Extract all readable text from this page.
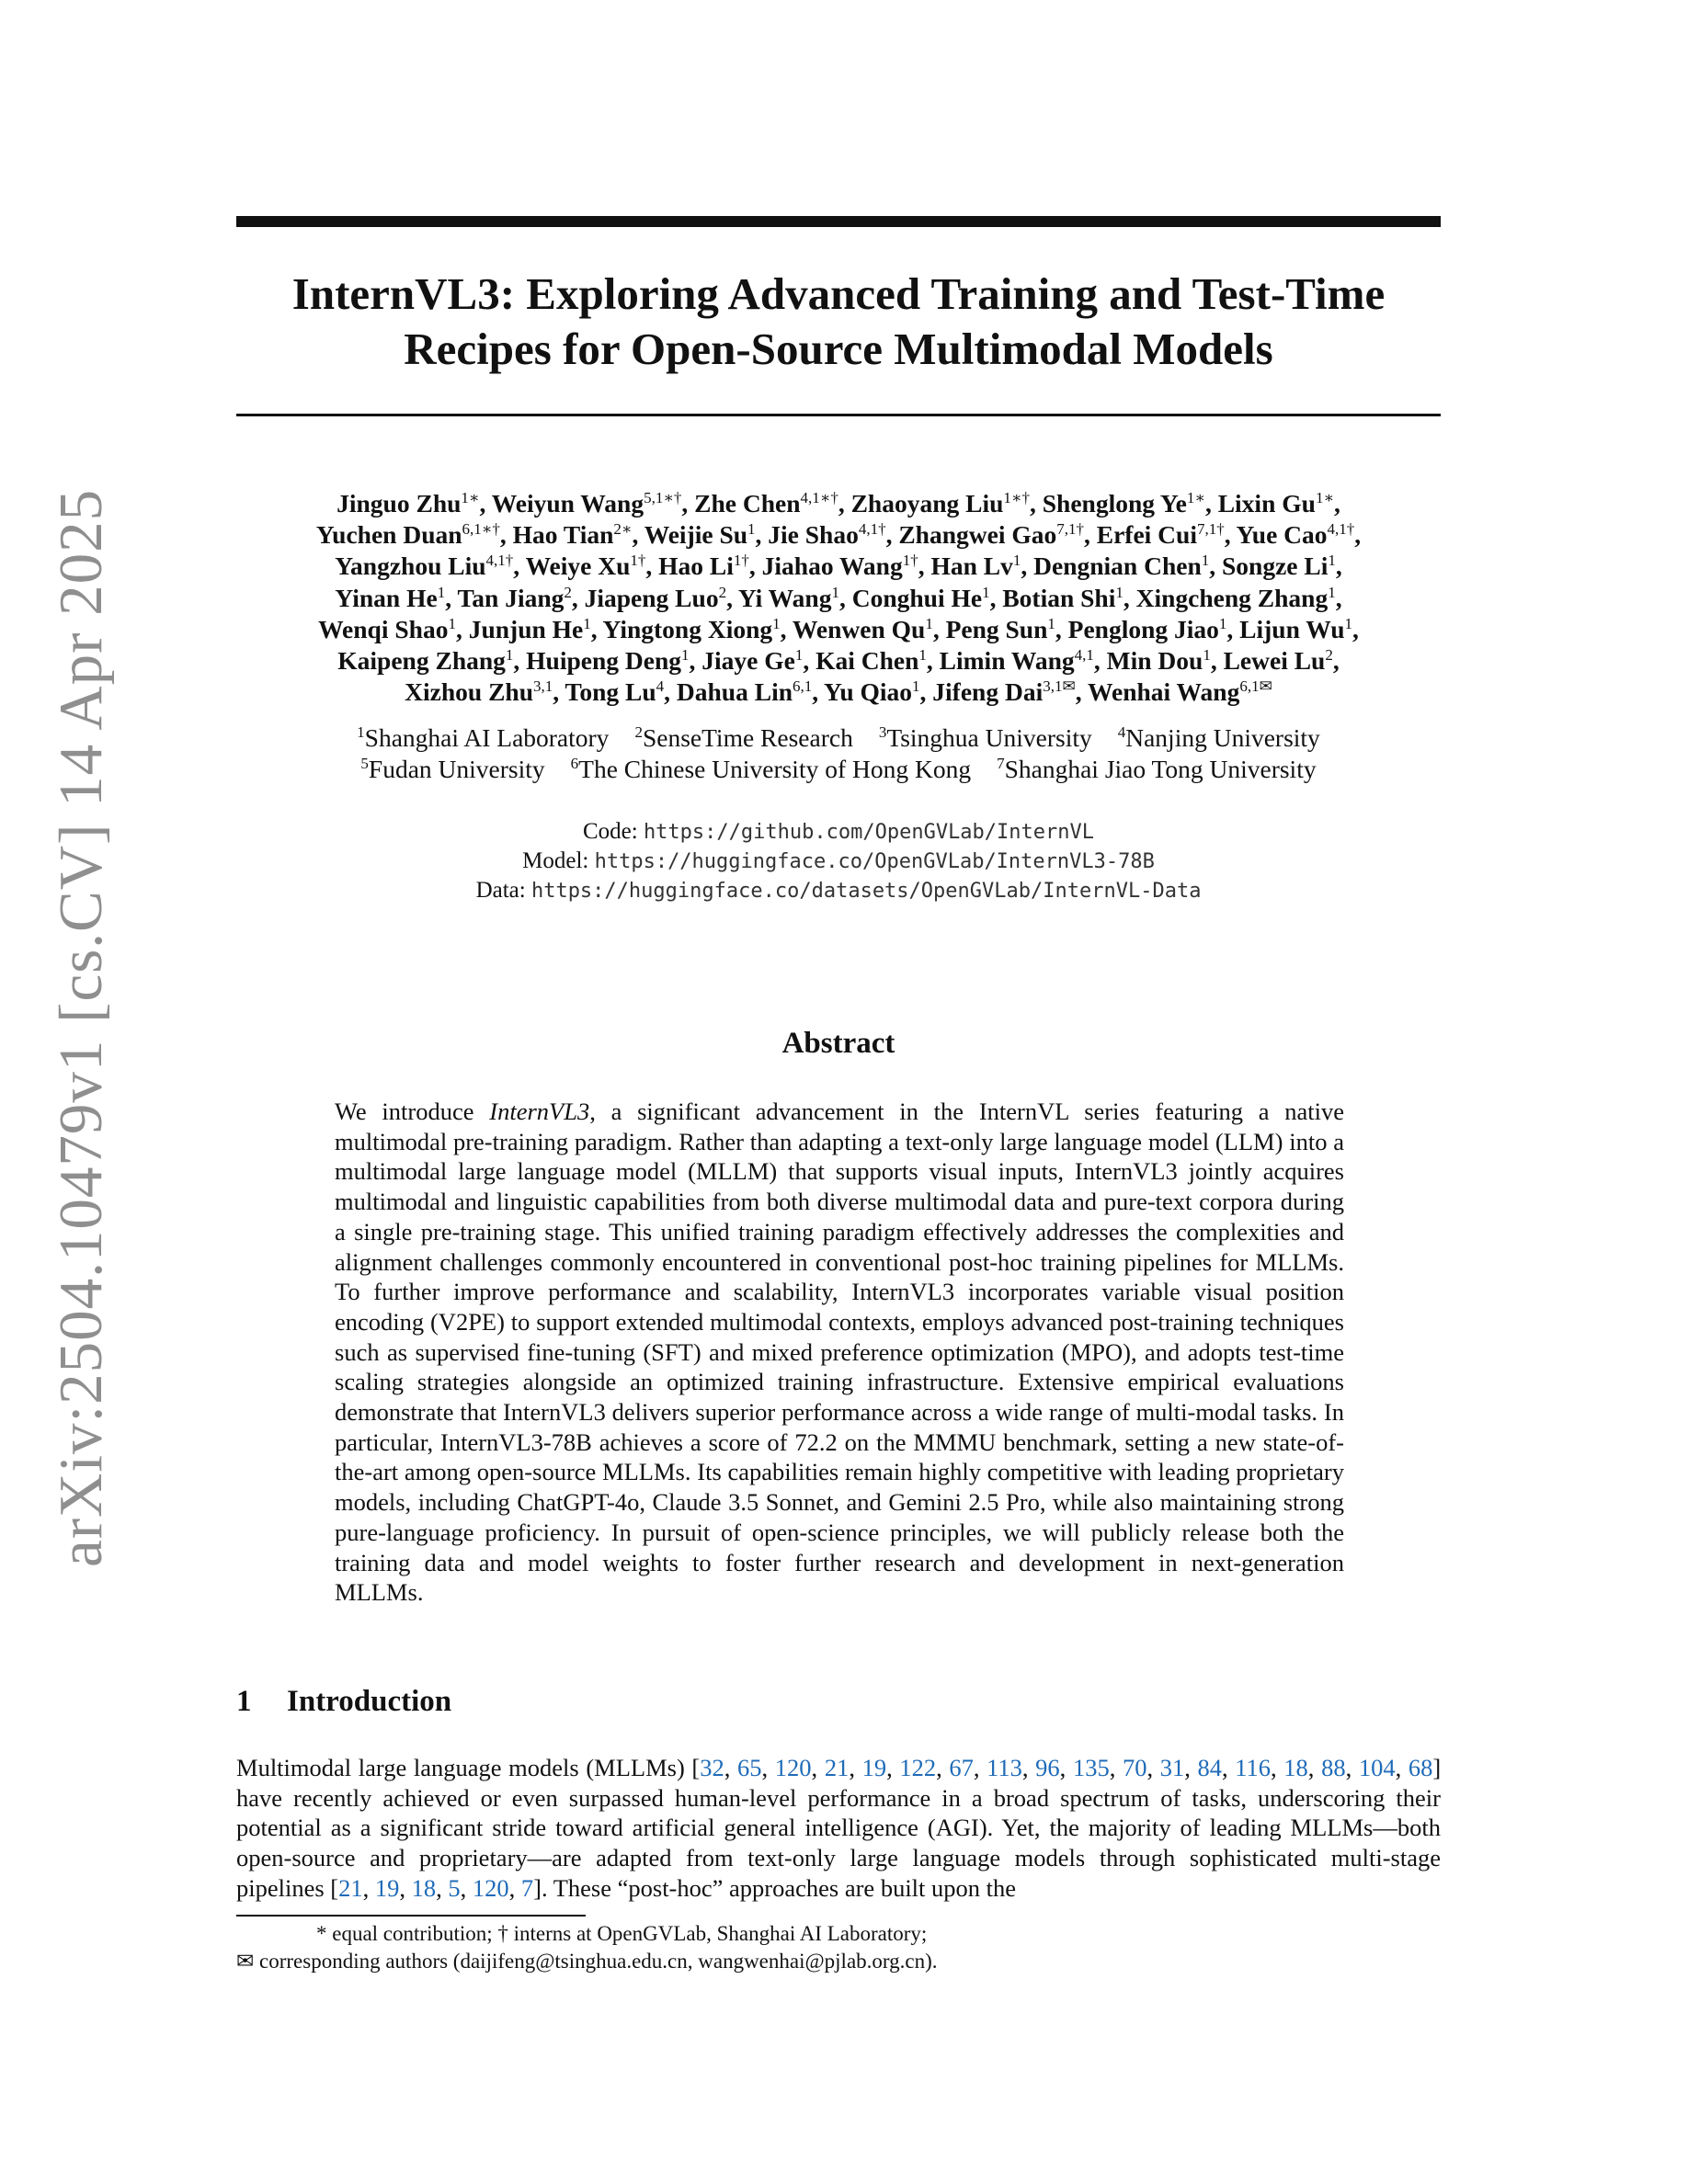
arXiv:2504.10479v1 [cs.CV] 14 Apr 2025
InternVL3: Exploring Advanced Training and Test-Time
Recipes for Open-Source Multimodal Models
Jinguo Zhu$^{1∗}$, Weiyun Wang$^{5,1∗\dagger}$, Zhe Chen$^{4,1∗\dagger}$, Zhaoyang Liu$^{1∗\dagger}$, Shenglong $Ye^{1∗}$, Lixin $Gu^{1∗}$,
Yuchen Duan$^{6,1∗\dagger}$, Hao Tian$^{2∗}$, Weijie Su$^1$, Jie Shao$^{4,1\dagger}$, Zhangwei Gao$^{7,1\dagger}$, Erfei Cui$^{7,1\dagger}$, Yue Cao$^{4,1\dagger}$,
Yangzhou Liu$^{4,1\dagger}$, Weiye $Xu^{1\dagger}$, Hao $Li^{1\dagger}$, Jiahao Wang$^{1\dagger}$, Han Lv$^1$, Dengnian Chen$^1$, Songze Li$^1$,
Yinan He$^1$, Tan Jiang$^2$, Jiapeng Luo$^2$, Yi Wang$^1$, Conghui He$^1$, Botian Shi$^1$, Xingcheng Zhang$^1$,
Wenqi Shao$^1$, Junjun He$^1$, Yingtong Xiong$^1$, Wenwen Qu$^1$, Peng Sun$^1$, Penglong Jiao$^1$, Lijun Wu$^1$,
Kaipeng Zhang$^1$, Huipeng Deng$^1$, Jiaye Ge$^1$, Kai Chen$^1$, Limin Wang$^{4,1}$, Min Dou$^1$, Lewei Lu$^2$,
Xizhou Zhu$^{3,1}$, Tong Lu$^4$, Dahua Lin$^{6,1}$, Yu Qiao$^1$, Jifeng Dai$^{3,1✉}$, Wenhai Wang$^{6,1✉}$
$^1$Shanghai AI Laboratory $^2$SenseTime Research $^3$Tsinghua University $^4$Nanjing University
$^5$Fudan University $^6$The Chinese University of Hong Kong $^7$Shanghai Jiao Tong University
Code: https://github.com/OpenGVLab/InternVL
Model: https://huggingface.co/OpenGVLab/InternVL3-78B
Data: https://huggingface.co/datasets/OpenGVLab/InternVL-Data
Abstract
We introduce InternVL3, a significant advancement in the InternVL series featuring a native multimodal pre-training paradigm. Rather than adapting a text-only large language model (LLM) into a multimodal large language model (MLLM) that supports visual inputs, InternVL3 jointly acquires multimodal and linguistic capabilities from both diverse multimodal data and pure-text corpora during a single pre-training stage. This unified training paradigm effectively addresses the complexities and alignment challenges commonly encountered in conventional post-hoc training pipelines for MLLMs. To further improve performance and scalability, InternVL3 incorporates variable visual position encoding (V2PE) to support extended multimodal contexts, employs advanced post-training techniques such as supervised fine-tuning (SFT) and mixed preference optimization (MPO), and adopts test-time scaling strategies alongside an optimized training infrastructure. Extensive empirical evaluations demonstrate that InternVL3 delivers superior performance across a wide range of multi-modal tasks. In particular, InternVL3-78B achieves a score of 72.2 on the MMMU benchmark, setting a new state-of-the-art among open-source MLLMs. Its capabilities remain highly competitive with leading proprietary models, including ChatGPT-4o, Claude 3.5 Sonnet, and Gemini 2.5 Pro, while also maintaining strong pure-language proficiency. In pursuit of open-science principles, we will publicly release both the training data and model weights to foster further research and development in next-generation MLLMs.
1 Introduction
Multimodal large language models (MLLMs) [32, 65, 120, 21, 19, 122, 67, 113, 96, 135, 70, 31, 84, 116, 18, 88, 104, 68] have recently achieved or even surpassed human-level performance in a broad spectrum of tasks, underscoring their potential as a significant stride toward artificial general intelligence (AGI). Yet, the majority of leading MLLMs—both open-source and proprietary—are adapted from text-only large language models through sophisticated multi-stage pipelines [21, 19, 18, 5, 120, 7]. These “post-hoc” approaches are built upon the
* equal contribution; † interns at OpenGVLab, Shanghai AI Laboratory;
✉ corresponding authors (daijifeng@tsinghua.edu.cn, wangwenhai@pjlab.org.cn).
